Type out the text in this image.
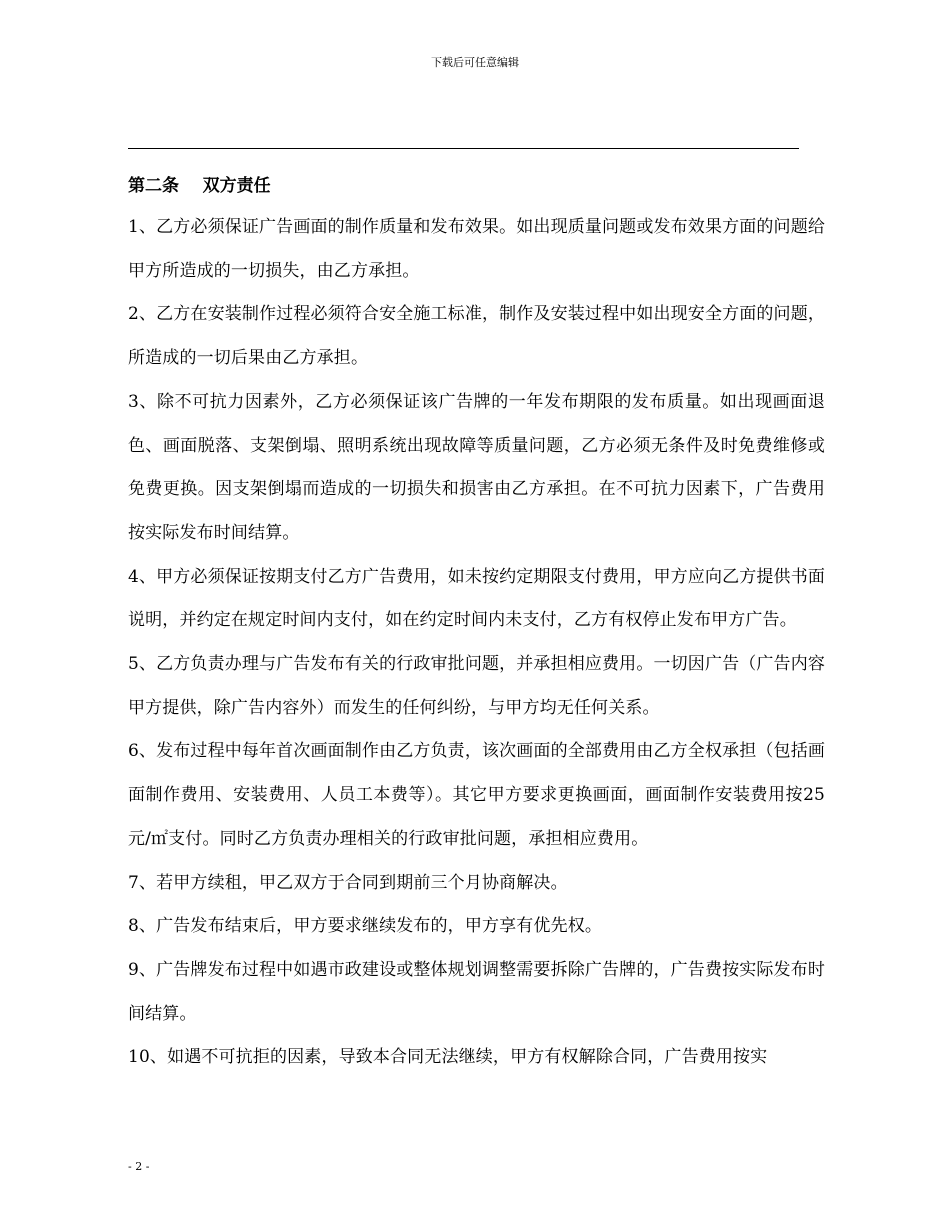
下载后可任意编辑

第二条    双方责任

1、乙方必须保证广告画面的制作质量和发布效果。如出现质量问题或发布效果方面的问题给甲方所造成的一切损失，由乙方承担。

2、乙方在安装制作过程必须符合安全施工标准，制作及安装过程中如出现安全方面的问题，所造成的一切后果由乙方承担。

3、除不可抗力因素外，乙方必须保证该广告牌的一年发布期限的发布质量。如出现画面退色、画面脱落、支架倒塌、照明系统出现故障等质量问题，乙方必须无条件及时免费维修或免费更换。因支架倒塌而造成的一切损失和损害由乙方承担。在不可抗力因素下，广告费用按实际发布时间结算。

4、甲方必须保证按期支付乙方广告费用，如未按约定期限支付费用，甲方应向乙方提供书面说明，并约定在规定时间内支付，如在约定时间内未支付，乙方有权停止发布甲方广告。

5、乙方负责办理与广告发布有关的行政审批问题，并承担相应费用。一切因广告（广告内容甲方提供，除广告内容外）而发生的任何纠纷，与甲方均无任何关系。

6、发布过程中每年首次画面制作由乙方负责，该次画面的全部费用由乙方全权承担（包括画面制作费用、安装费用、人员工本费等）。其它甲方要求更换画面，画面制作安装费用按25元/㎡支付。同时乙方负责办理相关的行政审批问题，承担相应费用。

7、若甲方续租，甲乙双方于合同到期前三个月协商解决。

8、广告发布结束后，甲方要求继续发布的，甲方享有优先权。

9、广告牌发布过程中如遇市政建设或整体规划调整需要拆除广告牌的，广告费按实际发布时间结算。

10、如遇不可抗拒的因素，导致本合同无法继续，甲方有权解除合同，广告费用按实

- 2 -
